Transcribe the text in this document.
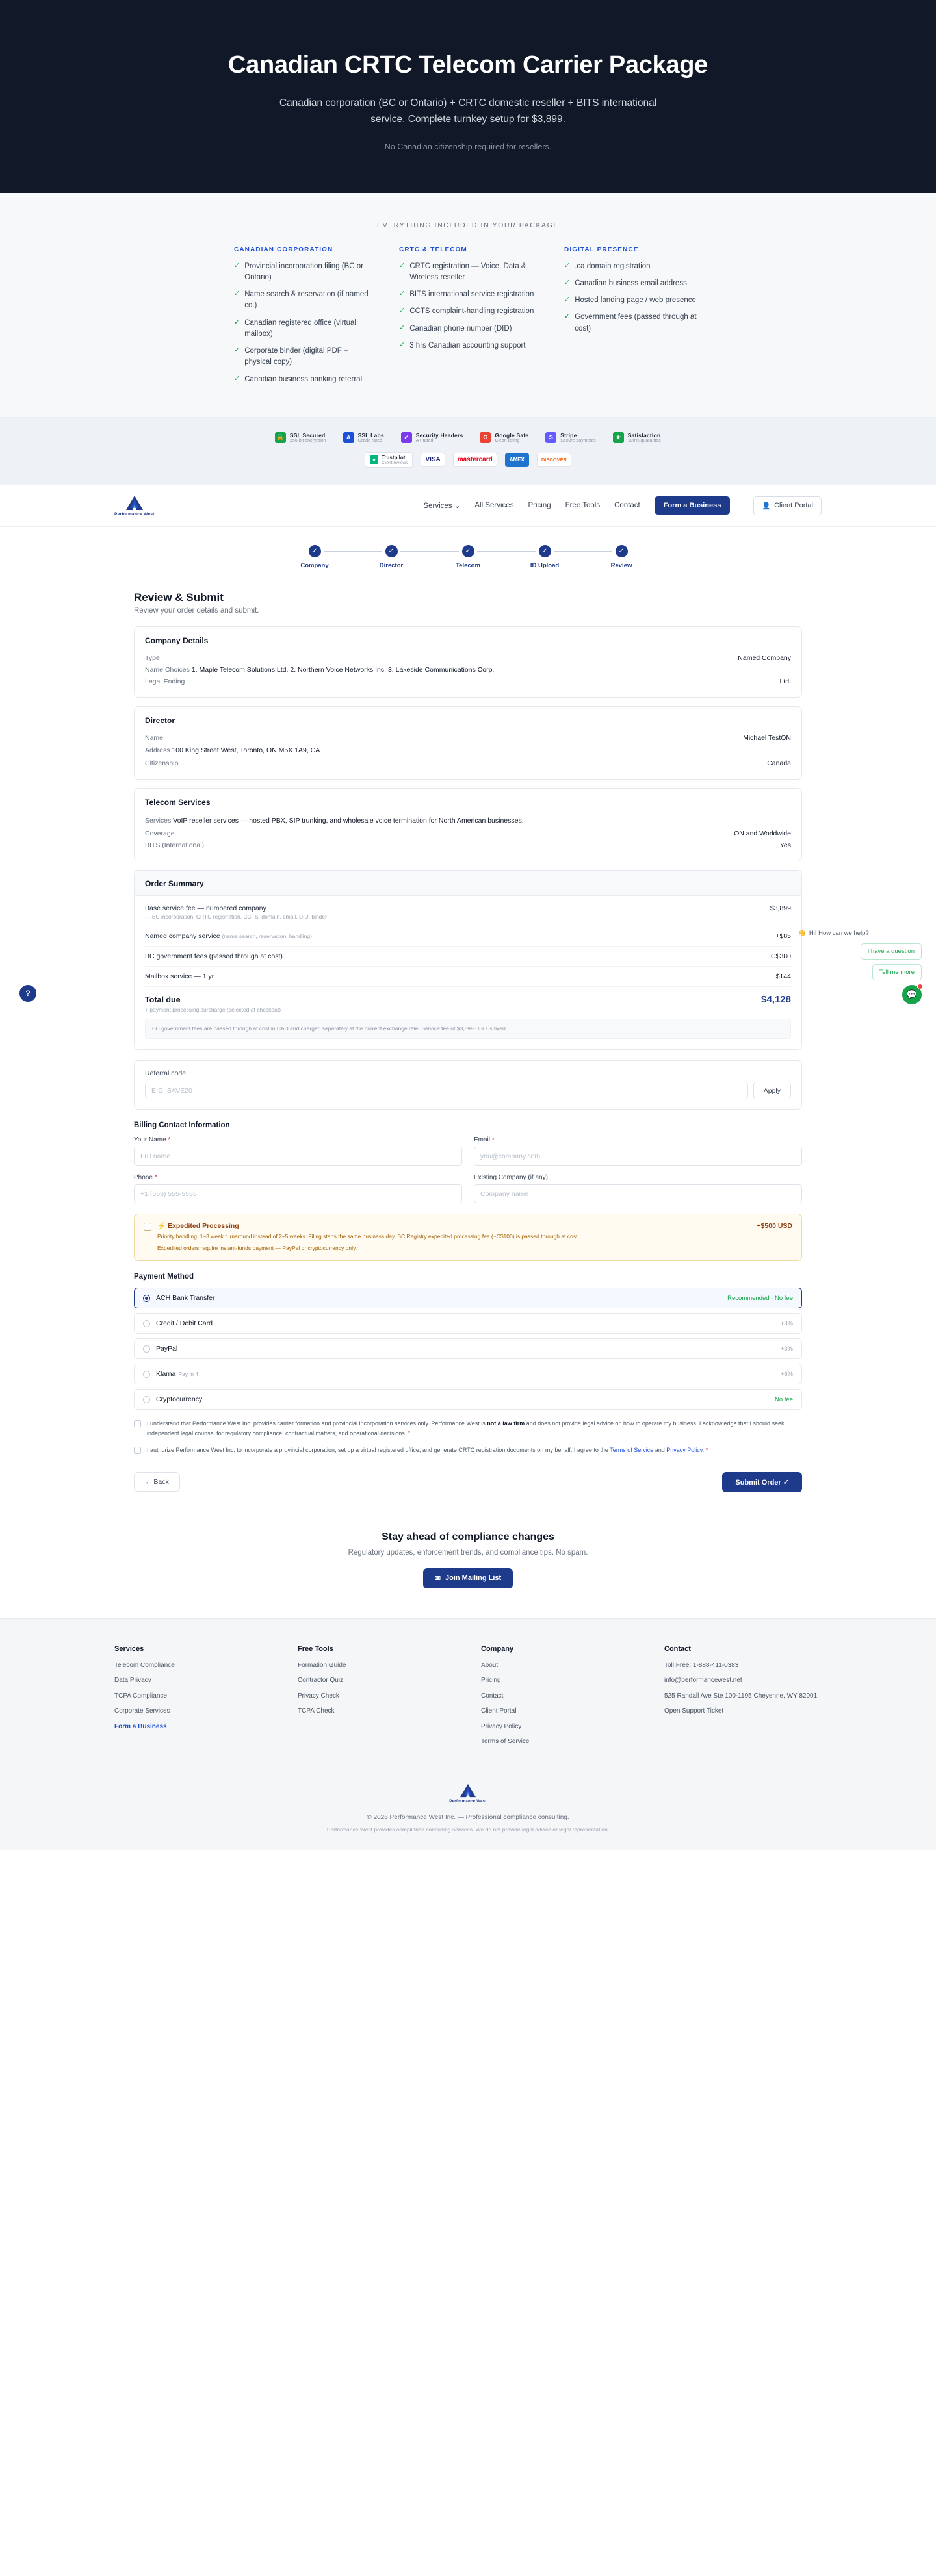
Canadian CRTC Telecom Carrier Package

Canadian corporation (BC or Ontario) + CRTC domestic reseller + BITS international service. Complete turnkey setup for $3,899.

No Canadian citizenship required for resellers.

EVERYTHING INCLUDED IN YOUR PACKAGE
CANADIAN CORPORATION
✓ Provincial incorporation filing (BC or Ontario)
✓ Name search & reservation (if named co.)
✓ Canadian registered office (virtual mailbox)
✓ Corporate binder (digital PDF + physical copy)
✓ Canadian business banking referral
CRTC & TELECOM
✓ CRTC registration — Voice, Data & Wireless reseller
✓ BITS international service registration
✓ CCTS complaint-handling registration
✓ Canadian phone number (DID)
✓ 3 hrs Canadian accounting support
DIGITAL PRESENCE
✓ .ca domain registration
✓ Canadian business email address
✓ Hosted landing page / web presence
✓ Government fees (passed through at cost)
🔒	SSL Secured
256-bit encryption	A	SSL Labs
Grade rated
✓	Security Headers
A+ rated	G	Google Safe
Clean listing	S	Stripe
Secure payments
★	Satisfaction
100% guarantee
★ Trustpilot
Client reviews	VISA	mastercard	AMEX	DISCOVER
Performance West
Services ⌄ All Services Pricing Free Tools Contact	Form a Business	👤 Client Portal
✓
Company
✓
Director
✓
Telecom
✓
ID Upload
✓
Review
?
👋 Hi! How can we help?
I have a question
Tell me more
💬
Review & Submit

Review your order details and submit.

Company Details
Type	Named Company
Name Choices 1. Maple Telecom Solutions Ltd. 2. Northern Voice Networks Inc. 3. Lakeside Communications Corp.
Legal Ending	Ltd.
Director
Name	Michael TestON
Address 100 King Street West, Toronto, ON M5X 1A9, CA
Citizenship	Canada
Telecom Services
Services VoIP reseller services — hosted PBX, SIP trunking, and wholesale voice termination for North American businesses.
Coverage	ON and Worldwide
BITS (International)	Yes
Order Summary
Base service fee — numbered company
— BC incorporation, CRTC registration, CCTS, domain, email, DID, binder
$3,899
Named company service (name search, reservation, handling)	+$85
BC government fees (passed through at cost)	~C$380
Mailbox service — 1 yr	$144
Total due	$4,128
+ payment processing surcharge (selected at checkout)
BC government fees are passed through at cost in CAD and charged separately at the current exchange rate. Service fee of $3,899 USD is fixed.
Referral code
E.G. SAVE20
Apply
Billing Contact Information
Your Name *
Full name	Email *
you@company.com
Phone *
+1 (555) 555-5555	Existing Company (if any)
Company name
⚡ Expedited Processing	+$500 USD
Priority handling. 1–3 week turnaround instead of 2–5 weeks. Filing starts the same business day. BC Registry expedited processing fee (~C$100) is passed through at cost.
Expedited orders require instant-funds payment — PayPal or cryptocurrency only.
Payment Method
ACH Bank Transfer	Recommended · No fee
Credit / Debit Card	+3%
PayPal	+3%
Klarna Pay in 4	+6%
Cryptocurrency	No fee

I understand that Performance West Inc. provides carrier formation and provincial incorporation services only. Performance West is not a law firm and does not provide legal advice on how to operate my business. I acknowledge that I should seek independent legal counsel for regulatory compliance, contractual matters, and operational decisions. *

I authorize Performance West Inc. to incorporate a provincial corporation, set up a virtual registered office, and generate CRTC registration documents on my behalf. I agree to the Terms of Service and Privacy Policy. *

← Back	Submit Order ✓
Stay ahead of compliance changes

Regulatory updates, enforcement trends, and compliance tips. No spam.

✉ Join Mailing List
Services
Telecom Compliance
Data Privacy
TCPA Compliance
Corporate Services
Form a Business
Free Tools
Formation Guide
Contractor Quiz
Privacy Check
TCPA Check
Company
About
Pricing
Contact
Client Portal
Privacy Policy
Terms of Service
Contact
Toll Free: 1-888-411-0383
info@performancewest.net
525 Randall Ave Ste 100-1195 Cheyenne, WY 82001
Open Support Ticket
Performance West
© 2026 Performance West Inc. — Professional compliance consulting.
Performance West provides compliance consulting services. We do not provide legal advice or legal representation.
